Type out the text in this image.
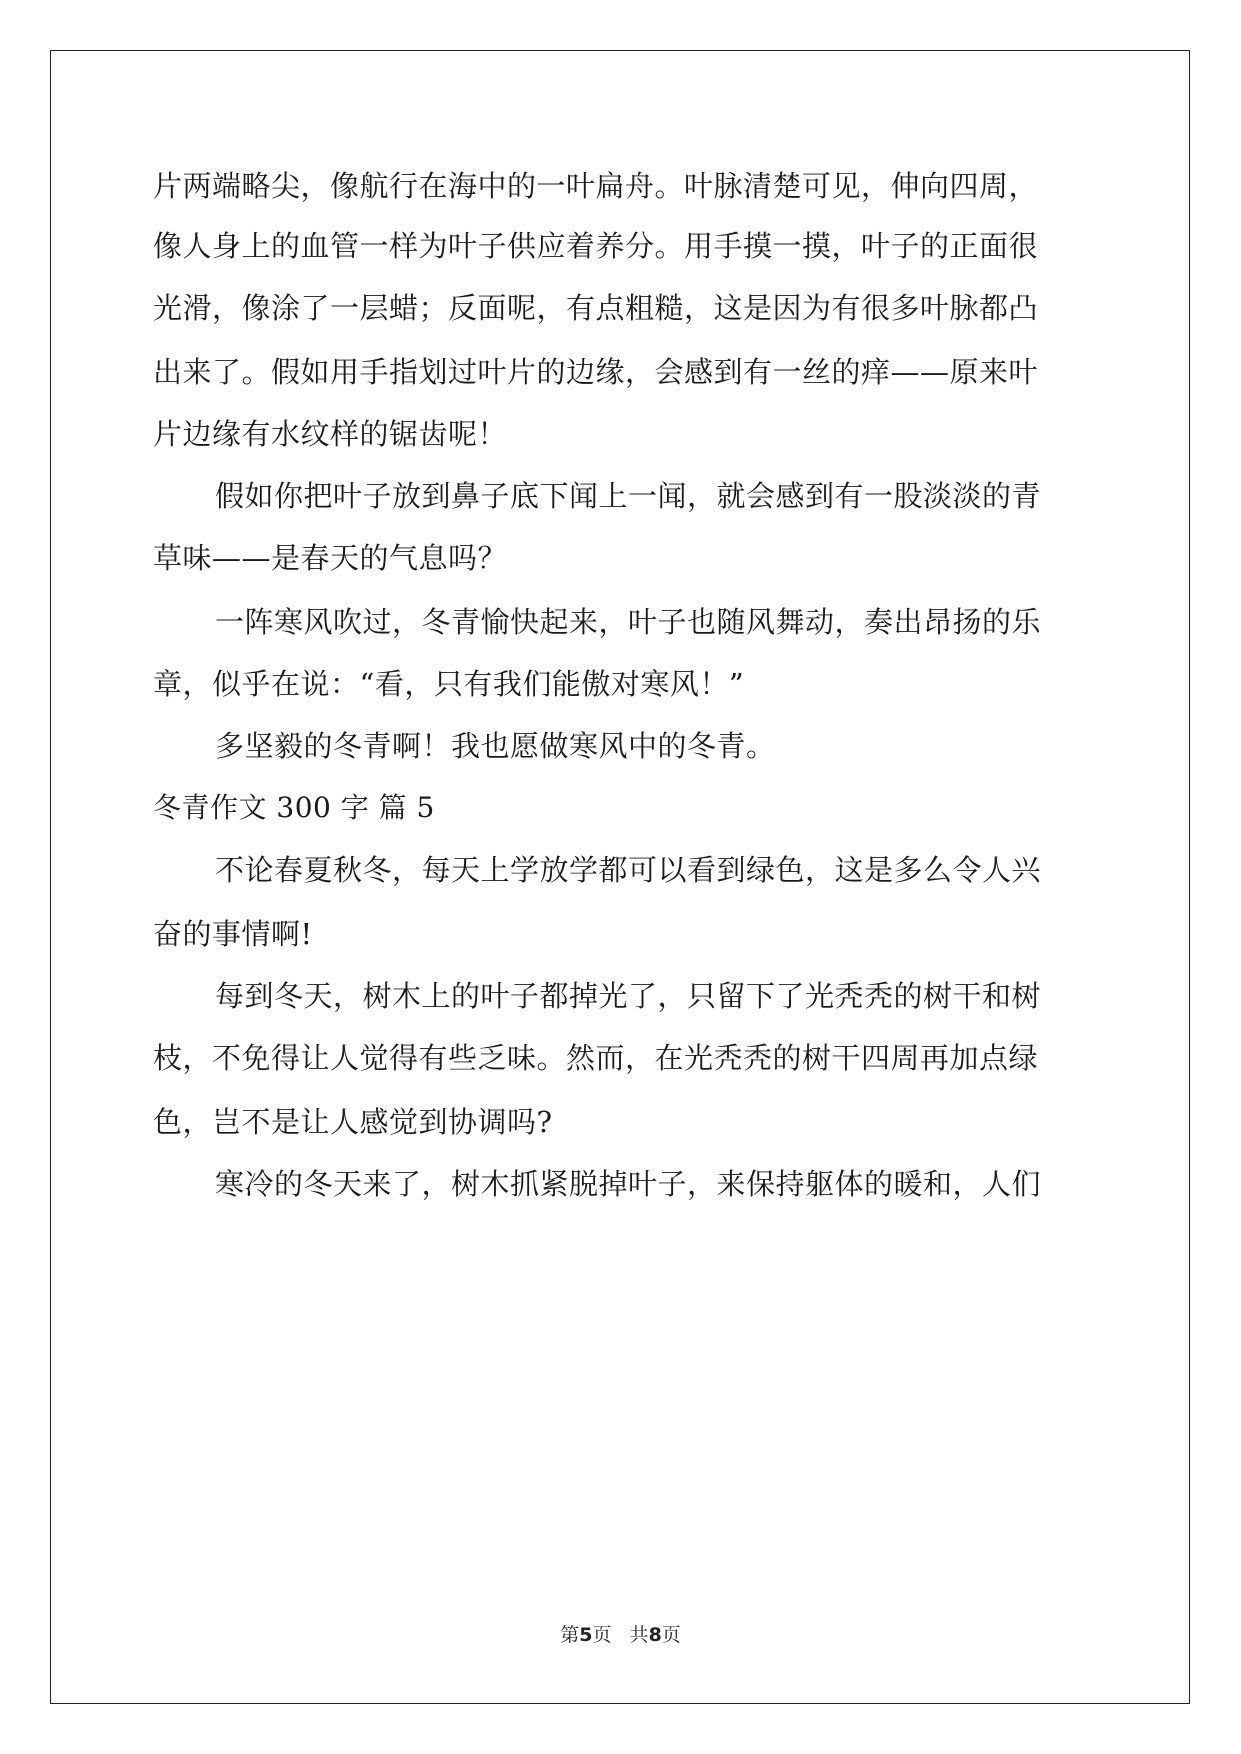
片两端略尖，像航行在海中的一叶扁舟。叶脉清楚可见，伸向四周，
像人身上的血管一样为叶子供应着养分。用手摸一摸，叶子的正面很
光滑，像涂了一层蜡；反面呢，有点粗糙，这是因为有很多叶脉都凸
出来了。假如用手指划过叶片的边缘，会感到有一丝的痒——原来叶
片边缘有水纹样的锯齿呢！
假如你把叶子放到鼻子底下闻上一闻，就会感到有一股淡淡的青
草味——是春天的气息吗？
一阵寒风吹过，冬青愉快起来，叶子也随风舞动，奏出昂扬的乐
章，似乎在说：“看，只有我们能傲对寒风！”
多坚毅的冬青啊！我也愿做寒风中的冬青。
冬青作文 300 字 篇 5
不论春夏秋冬，每天上学放学都可以看到绿色，这是多么令人兴
奋的事情啊!
每到冬天，树木上的叶子都掉光了，只留下了光秃秃的树干和树
枝，不免得让人觉得有些乏味。然而，在光秃秃的树干四周再加点绿
色，岂不是让人感觉到协调吗?
寒冷的冬天来了，树木抓紧脱掉叶子，来保持躯体的暖和，人们
第5页   共8页
